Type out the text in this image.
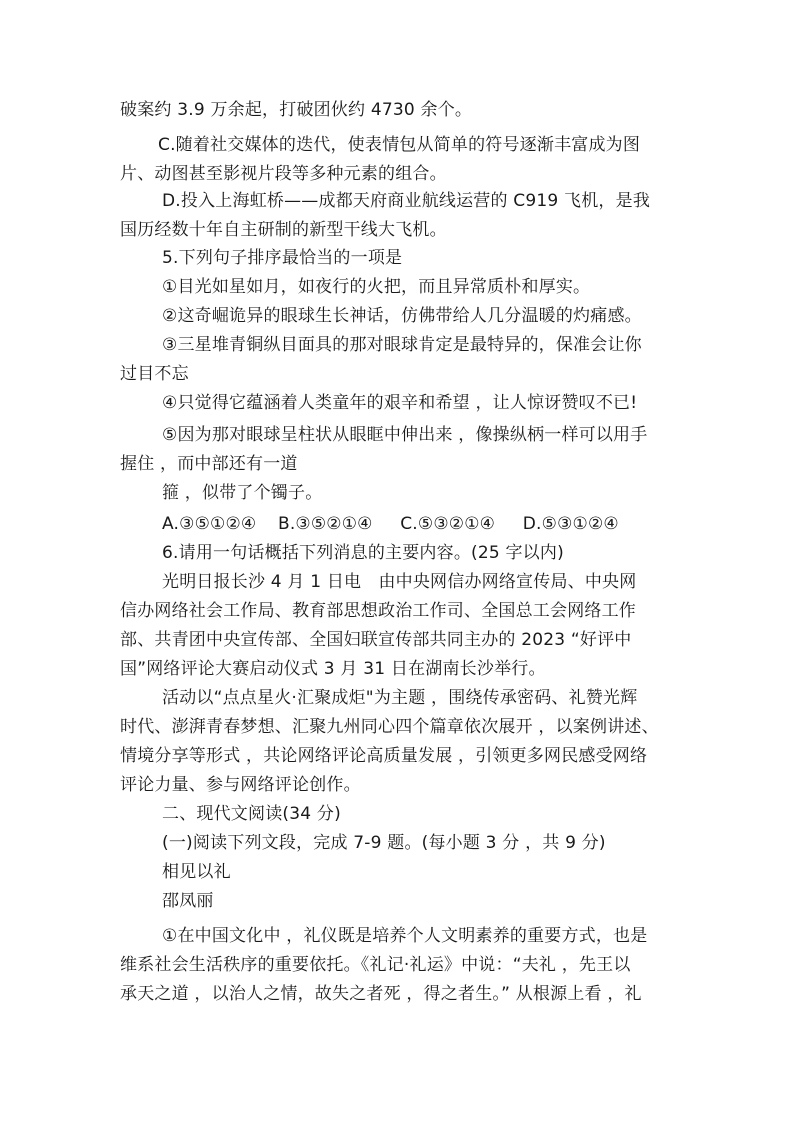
破案约 3.9 万余起，打破团伙约 4730 余个。
C.随着社交媒体的迭代，使表情包从简单的符号逐渐丰富成为图
片、动图甚至影视片段等多种元素的组合。
D.投入上海虹桥——成都天府商业航线运营的 C919 飞机，是我
国历经数十年自主研制的新型干线大飞机。
5.下列句子排序最恰当的一项是
①目光如星如月，如夜行的火把，而且异常质朴和厚实。
②这奇崛诡异的眼球生长神话，仿佛带给人几分温暖的灼痛感。
③三星堆青铜纵目面具的那对眼球肯定是最特异的，保准会让你
过目不忘
④只觉得它蕴涵着人类童年的艰辛和希望 ，让人惊讶赞叹不已!
⑤因为那对眼球呈柱状从眼眶中伸出来 ，像操纵柄一样可以用手
握住 ，而中部还有一道
箍 ，似带了个镯子。
A.③⑤①②④ B.③⑤②①④ C.⑤③②①④ D.⑤③①②④
6.请用一句话概括下列消息的主要内容。(25 字以内)
光明日报长沙 4 月 1 日电　由中央网信办网络宣传局、中央网
信办网络社会工作局、教育部思想政治工作司、全国总工会网络工作
部、共青团中央宣传部、全国妇联宣传部共同主办的 2023 “好评中
国”网络评论大赛启动仪式 3 月 31 日在湖南长沙举行。
活动以“点点星火·汇聚成炬"为主题 ，围绕传承密码、礼赞光辉
时代、澎湃青春梦想、汇聚九州同心四个篇章依次展开 ，以案例讲述、
情境分享等形式 ，共论网络评论高质量发展 ，引领更多网民感受网络
评论力量、参与网络评论创作。
二、现代文阅读(34 分)
(一)阅读下列文段，完成 7-9 题。(每小题 3 分 ，共 9 分)
相见以礼
邵凤丽
①在中国文化中 ，礼仪既是培养个人文明素养的重要方式，也是
维系社会生活秩序的重要依托。《礼记·礼运》中说：“夫礼 ，先王以
承天之道 ，以治人之情，故失之者死 ，得之者生。” 从根源上看 ，礼
